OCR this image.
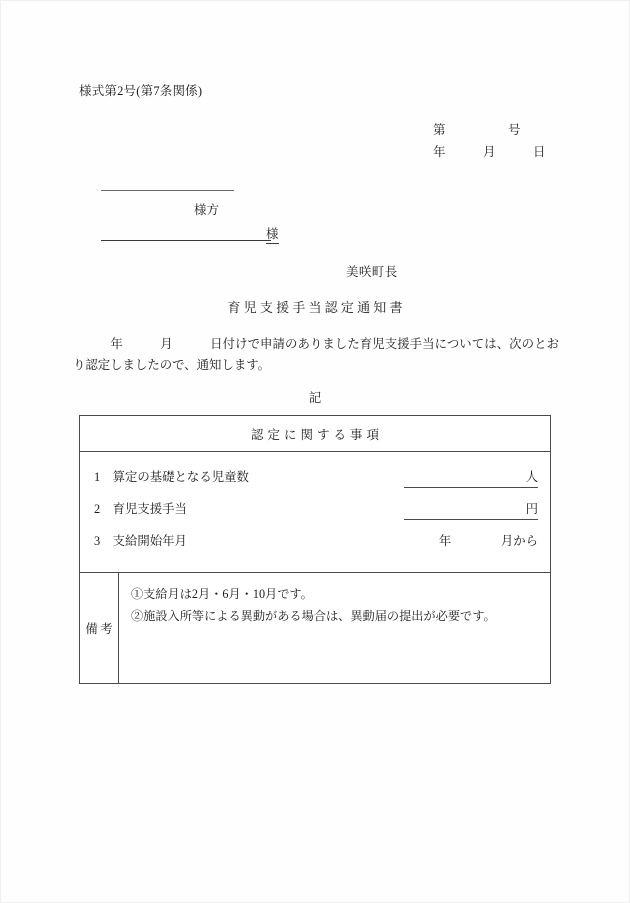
様式第2号(第7条関係)
第　　　　　号
年　　　月　　　日
様方
様
美咲町長
育児支援手当認定通知書
　　　年　　　月　　　日付けで申請のありました育児支援手当については、次のとおり認定しましたので、通知します。
記
認定に関する事項
1　算定の基礎となる児童数	人
2　育児支援手当	円
3　支給開始年月	年　　　　月から
備考
①支給月は2月・6月・10月です。
②施設入所等による異動がある場合は、異動届の提出が必要です。
